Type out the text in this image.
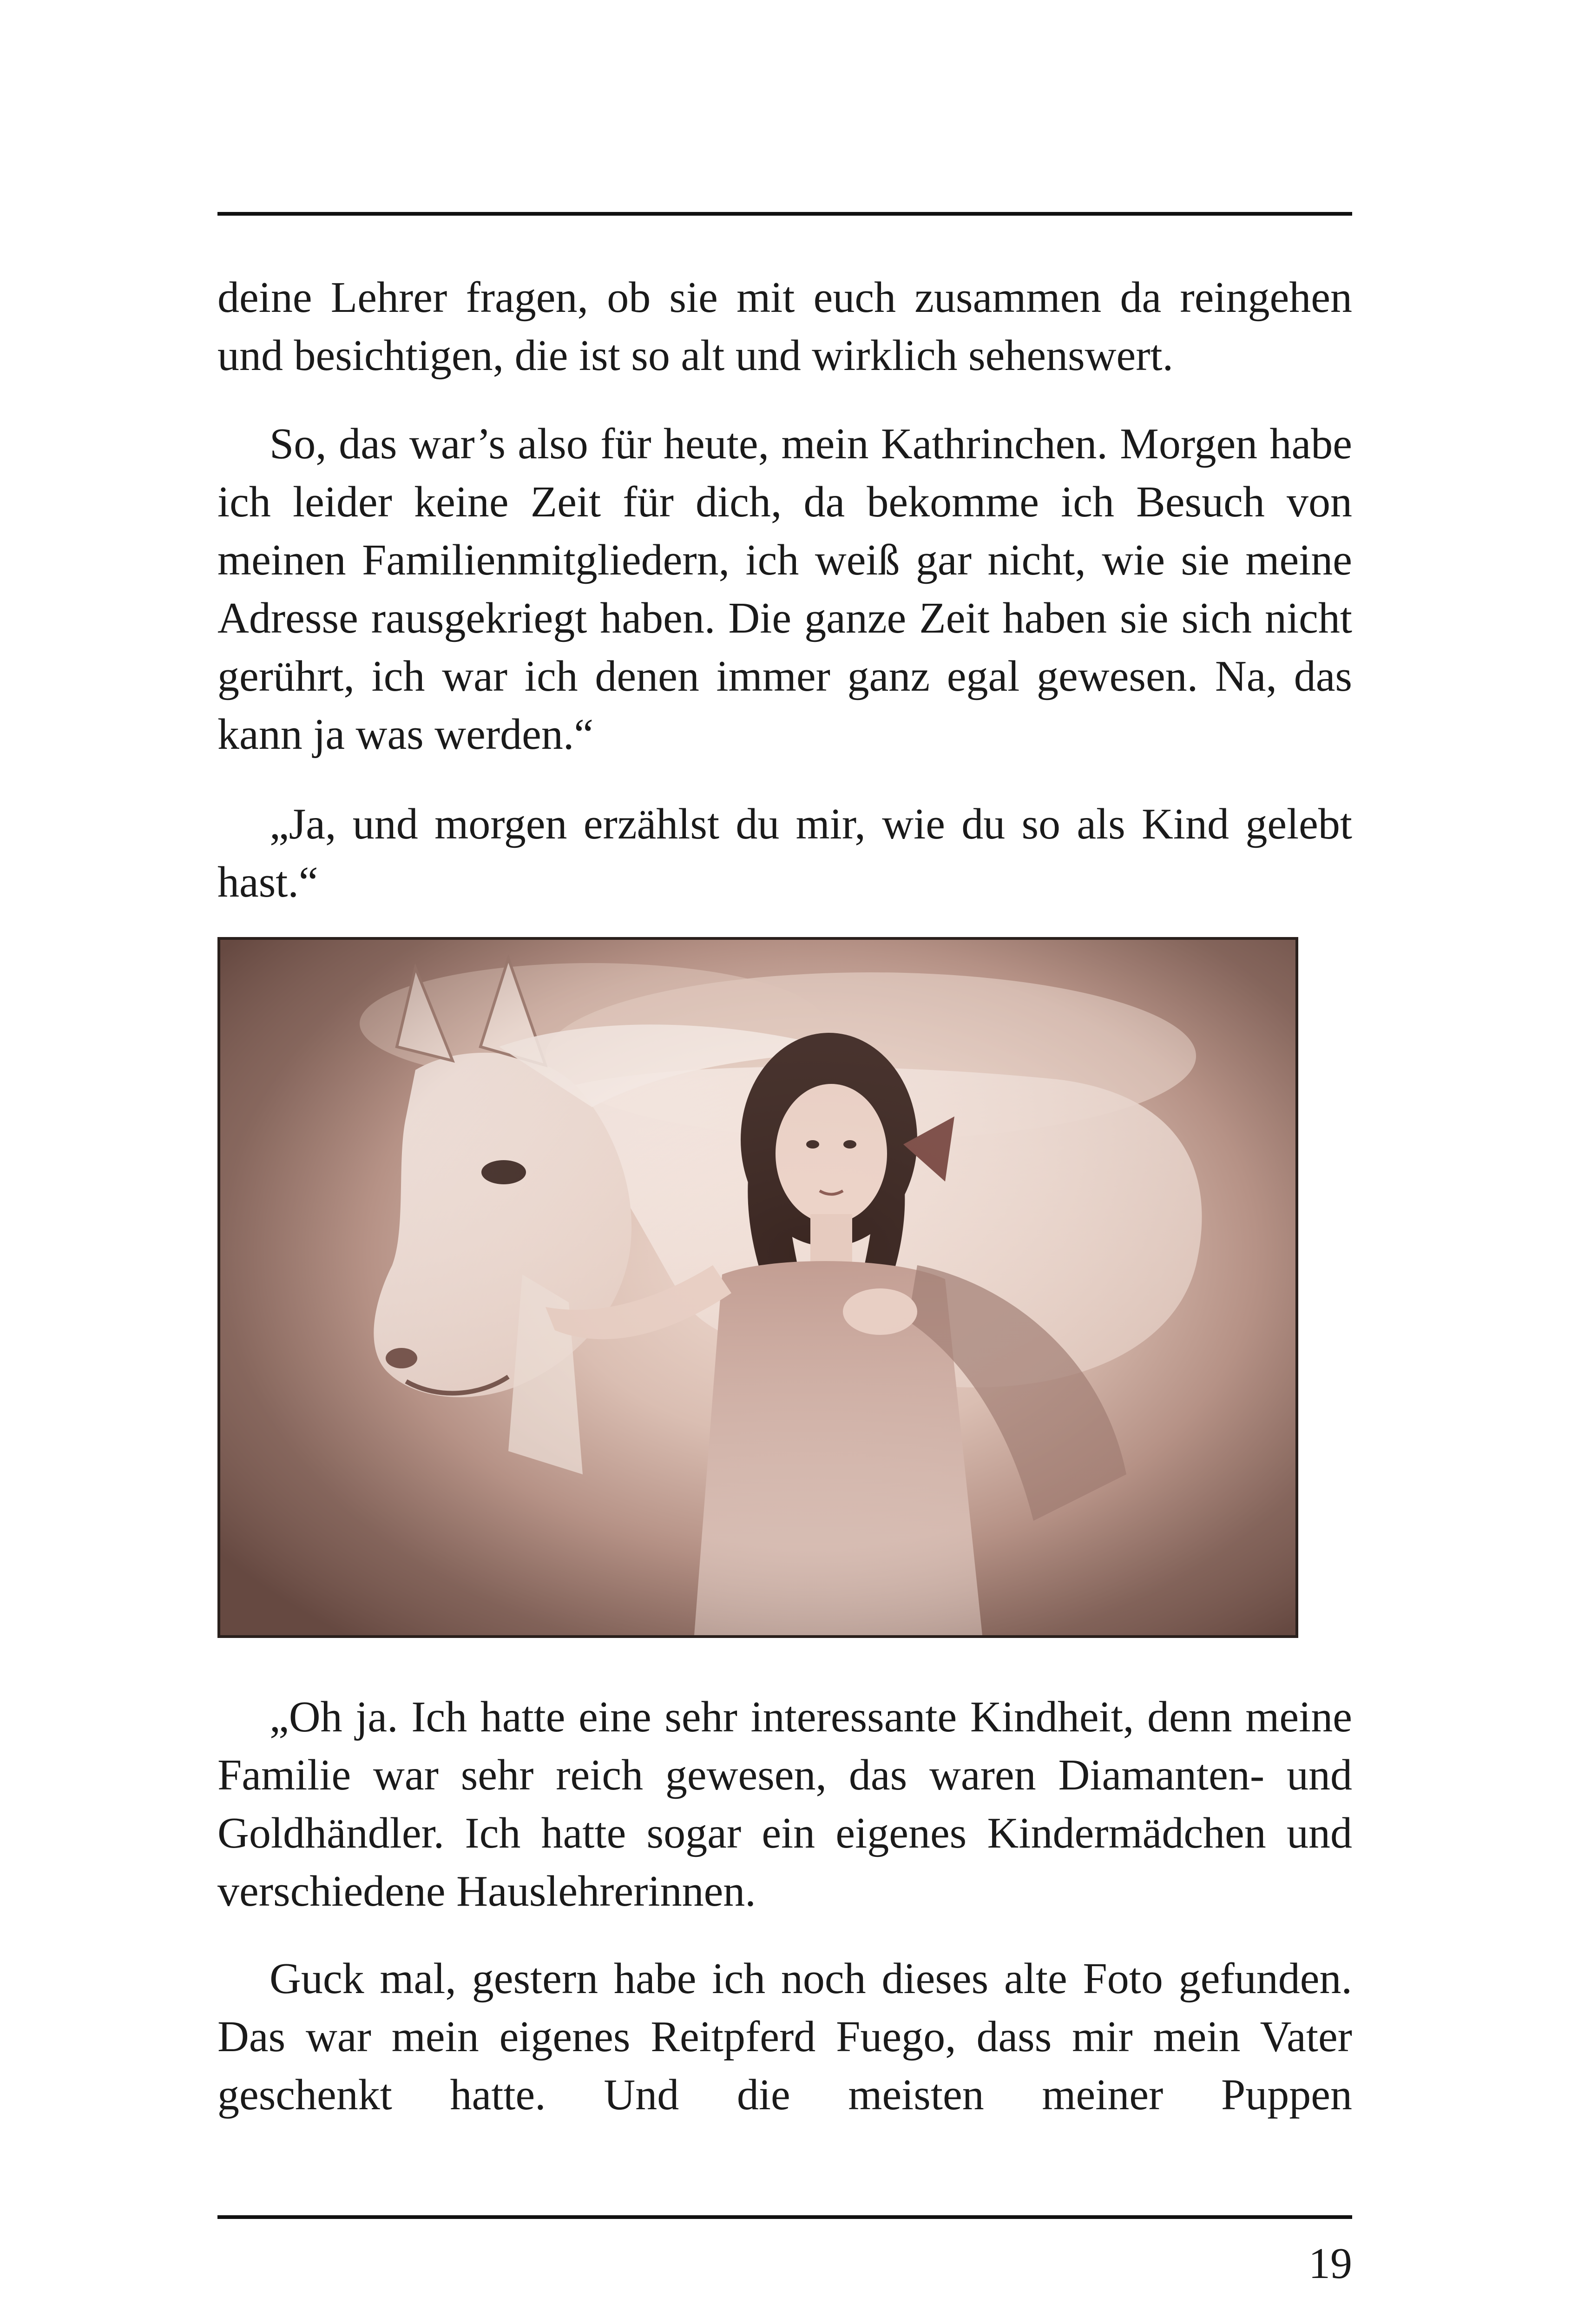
deine Lehrer fragen, ob sie mit euch zusammen da reingehen und besichtigen, die ist so alt und wirklich sehenswert.

So, das war’s also für heute, mein Kathrinchen. Morgen habe ich leider keine Zeit für dich, da bekomme ich Besuch von meinen Familienmitgliedern, ich weiß gar nicht, wie sie meine Adresse rausgekriegt haben. Die ganze Zeit haben sie sich nicht gerührt, ich war ich denen immer ganz egal gewesen. Na, das kann ja was werden.“

„Ja, und morgen erzählst du mir, wie du so als Kind gelebt hast.“

„Oh ja. Ich hatte eine sehr interessante Kindheit, denn meine Familie war sehr reich gewesen, das waren Diamanten- und Goldhändler. Ich hatte sogar ein eigenes Kindermädchen und verschiedene Hauslehrerinnen.

Guck mal, gestern habe ich noch dieses alte Foto gefunden. Das war mein eigenes Reitpferd Fuego, dass mir mein Vater geschenkt hatte. Und die meisten meiner Puppen

19
